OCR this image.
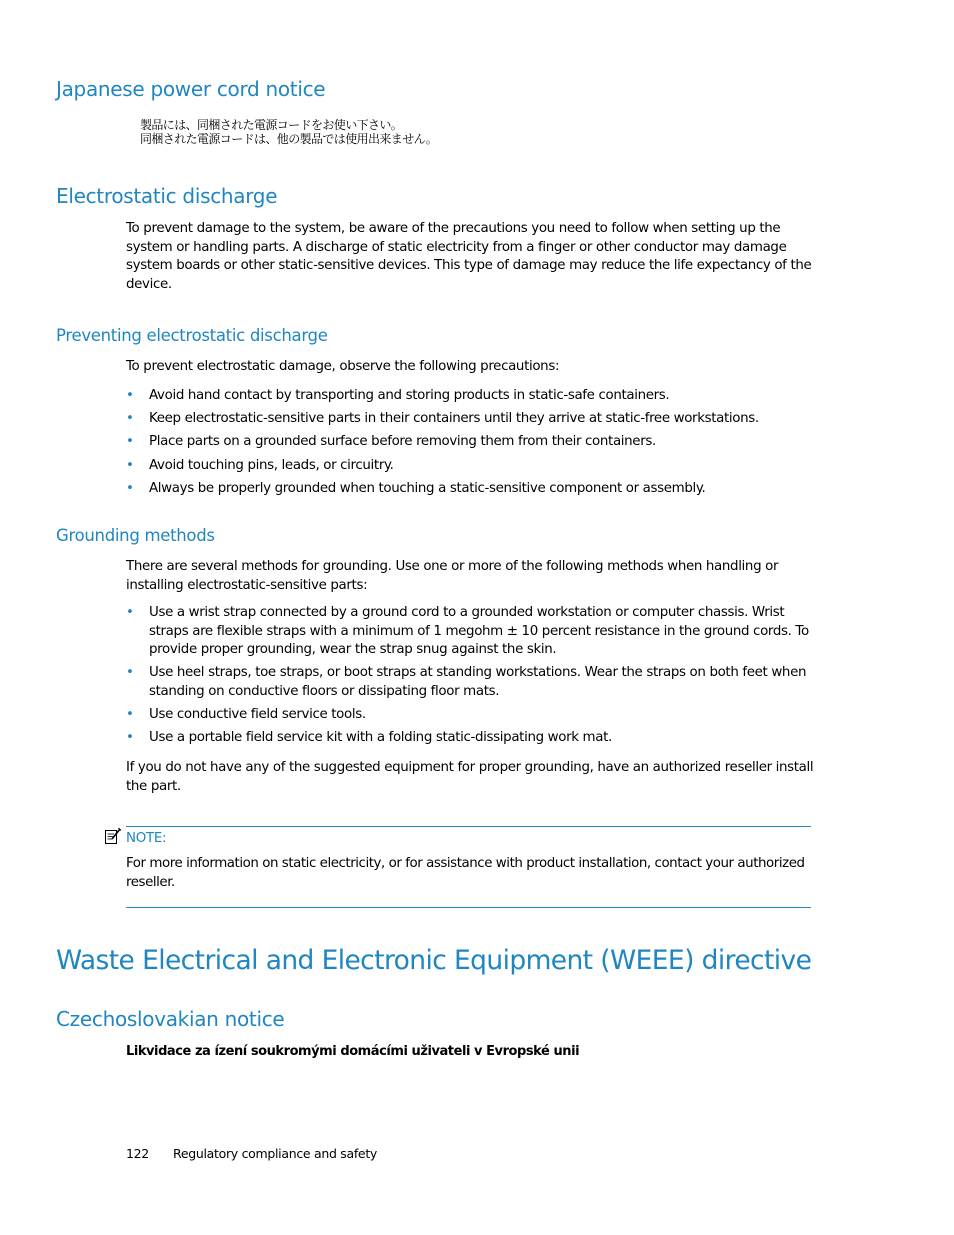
Japanese power cord notice

製品には、同梱された電源コードをお使い下さい。

同梱された電源コードは、他の製品では使用出来ません。

Electrostatic discharge

To prevent damage to the system, be aware of the precautions you need to follow when setting up the system or handling parts. A discharge of static electricity from a finger or other conductor may damage system boards or other static-sensitive devices. This type of damage may reduce the life expectancy of the device.

Preventing electrostatic discharge

To prevent electrostatic damage, observe the following precautions:

• Avoid hand contact by transporting and storing products in static-safe containers.
• Keep electrostatic-sensitive parts in their containers until they arrive at static-free workstations.
• Place parts on a grounded surface before removing them from their containers.
• Avoid touching pins, leads, or circuitry.
• Always be properly grounded when touching a static-sensitive component or assembly.
Grounding methods

There are several methods for grounding. Use one or more of the following methods when handling or installing electrostatic-sensitive parts:

• Use a wrist strap connected by a ground cord to a grounded workstation or computer chassis. Wrist straps are flexible straps with a minimum of 1 megohm ± 10 percent resistance in the ground cords. To provide proper grounding, wear the strap snug against the skin.
• Use heel straps, toe straps, or boot straps at standing workstations. Wear the straps on both feet when standing on conductive floors or dissipating floor mats.
• Use conductive field service tools.
• Use a portable field service kit with a folding static-dissipating work mat.

If you do not have any of the suggested equipment for proper grounding, have an authorized reseller install the part.

NOTE:

For more information on static electricity, or for assistance with product installation, contact your authorized reseller.

Waste Electrical and Electronic Equipment (WEEE) directive
Czechoslovakian notice

Likvidace za ízení soukromými domácími uživateli v Evropské unii

122 Regulatory compliance and safety
